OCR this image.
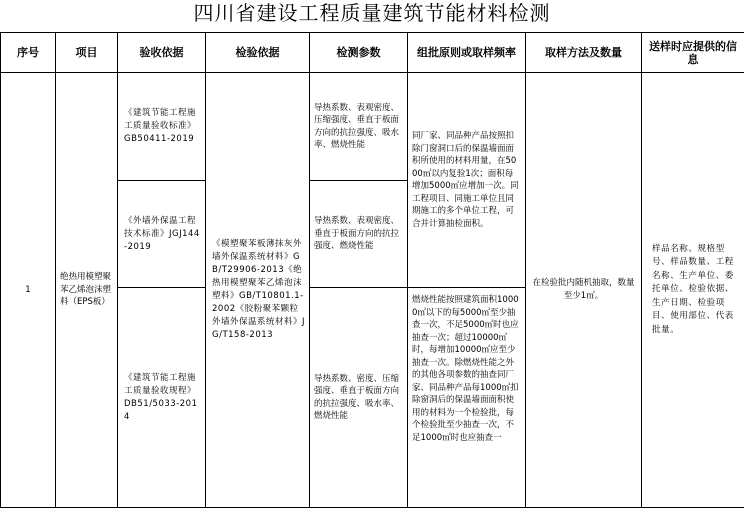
四川省建设工程质量建筑节能材料检测
序号	项目	验收依据	检验依据	检测参数	组批原则或取样频率	取样方法及数量	送样时应提供的信息
1	绝热用模塑聚苯乙烯泡沫塑料（EPS板）	《建筑节能工程施工质量验收标准》GB50411-2019	《模塑聚苯板薄抹灰外墙外保温系统材料》GB/T29906-2013《绝热用模塑聚苯乙烯泡沫塑料》GB/T10801.1-2002《胶粉聚苯颗粒外墙外保温系统材料》JG/T158-2013	导热系数、表观密度、压缩强度、垂直于板面方向的抗拉强度、吸水率、燃烧性能	同厂家、同品种产品按照扣除门窗洞口后的保温墙面面积所使用的材料用量，在5000㎡以内复验1次；面积每增加5000㎡应增加一次。同工程项目、同施工单位且同期施工的多个单位工程，可合并计算抽检面积。	在检验批内随机抽取，数量至少1㎡。	样品名称、规格型号、样品数量、工程名称、生产单位、委托单位、检验依据、生产日期、检验项目、使用部位、代表批量。
		《外墙外保温工程技术标准》JGJ144-2019		导热系数、表观密度、垂直于板面方向的抗拉强度、燃烧性能			
		《建筑节能工程施工质量验收规程》DB51/5033-2014		导热系数、密度、压缩强度、垂直于板面方向的抗拉强度、吸水率、燃烧性能	燃烧性能按照建筑面积10000㎡以下的每5000㎡至少抽查一次，不足5000㎡时也应抽查一次；超过10000㎡时，每增加10000㎡应至少抽查一次。除燃烧性能之外的其他各项参数的抽查同厂家、同品种产品每1000㎡扣除窗洞后的保温墙面面积使用的材料为一个检验批，每个检验批至少抽查一次，不足1000㎡时也应抽查一		
